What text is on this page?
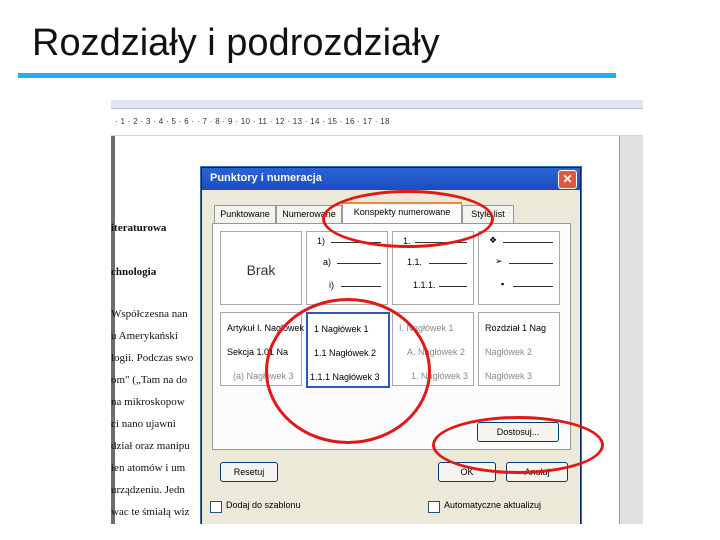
Rozdziały i podrozdziały
· 1 · 2 · 3 · 4 · 5 · 6 · · 7 · 8 · 9 · 10 · 11 · 12 · 13 · 14 · 15 · 16 · 17 · 18
iteraturowa
chnologia
Współczesna nan
u Amerykański
logii. Podczas swo
om" („Tam na do
na mikroskopow
ci nano ujawni
dział oraz manipu
ien atomów i um
urządzeniu. Jedn
wac te śmiałą wiz
Punktory i numeracja	✕
Punktowane	Numerowane	Konspekty numerowane	Style list
Brak
1)
a)
i)
1.
1.1.
1.1.1.
❖
➢
▪
Artykuł I. Nagłówek
Sekcja 1.01 Na
(a) Nagłówek 3
1 Nagłówek 1
1.1 Nagłówek 2
1.1.1 Nagłówek 3
I. Nagłówek 1
A. Nagłówek 2
1. Nagłówek 3
Rozdział 1 Nag
Nagłówek 2
Nagłówek 3
Dostosuj...
Resetuj	OK	Anuluj
Dodaj do szablonu	Automatyczne aktualizuj
